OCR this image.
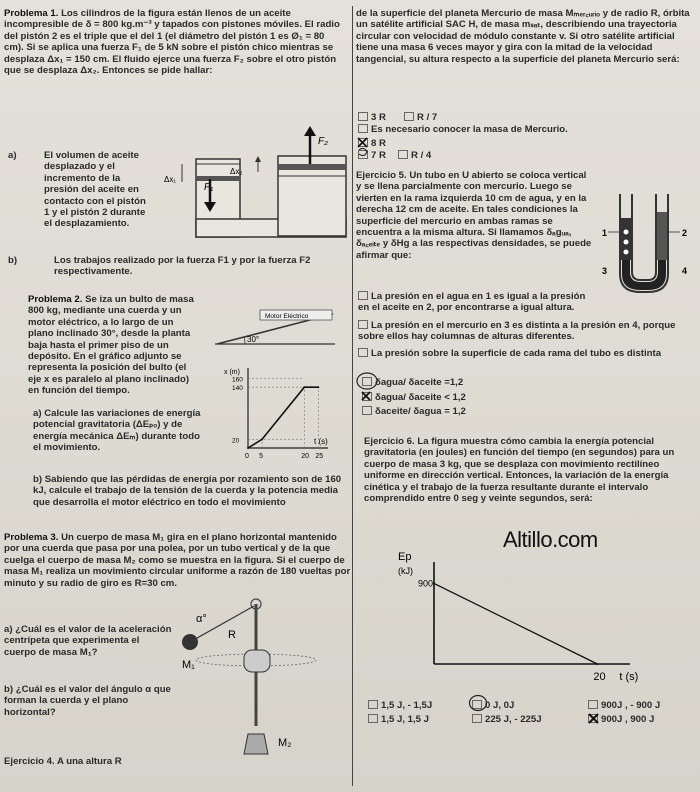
Problema 1. Los cilindros de la figura están llenos de un aceite incompresible de δ = 800 kg.m⁻³ y tapados con pistones móviles. El radio del pistón 2 es el triple que el del 1 (el diámetro del pistón 1 es Ø₁ = 80 cm). Si se aplica una fuerza F₁ de 5 kN sobre el pistón chico mientras se desplaza Δx₁ = 150 cm. El fluido ejerce una fuerza F₂ sobre el otro pistón que se desplaza Δx₂. Entonces se pide hallar:
a)	El volumen de aceite desplazado y el incremento de la presión del aceite en contacto con el pistón 1 y el pistón 2 durante el desplazamiento.
b)	Los trabajos realizado por la fuerza F1 y por la fuerza F2 respectivamente.
F₁
Δx₁
F₂
Δx₂
Problema 2. Se iza un bulto de masa 800 kg, mediante una cuerda y un motor eléctrico, a lo largo de un plano inclinado 30°, desde la planta baja hasta el primer piso de un depósito. En el gráfico adjunto se representa la posición del bulto (el eje x es paralelo al plano inclinado) en función del tiempo.
a) Calcule las variaciones de energía potencial gravitatoria (ΔEₚₒ) y de energía mecánica ΔEₘ) durante todo el movimiento.
b) Sabiendo que las pérdidas de energía por rozamiento son de 160 kJ, calcule el trabajo de la tensión de la cuerda y la potencia media que desarrolla el motor eléctrico en todo el movimiento
Motor Eléctrico
30°
x (m)
t (s)
20
140
160
0 5	20 25
Problema 3. Un cuerpo de masa M₁ gira en el plano horizontal mantenido por una cuerda que pasa por una polea, por un tubo vertical y de la que cuelga el cuerpo de masa M₂ como se muestra en la figura. Si el cuerpo de masa M₁ realiza un movimiento circular uniforme a razón de 180 vueltas por minuto y su radio de giro es R=30 cm.
a) ¿Cuál es el valor de la aceleración centrípeta que experimenta el cuerpo de masa M₁?
b) ¿Cuál es el valor del ángulo α que forman la cuerda y el plano horizontal?
α°
R
M₁
M₂
Ejercicio 4. A una altura R
de la superficie del planeta Mercurio de masa Mₘₑᵣ꜀ᵤᵣᵢₒ y de radio R, órbita un satélite artificial SAC H, de masa mₛₐₜ, describiendo una trayectoria circular con velocidad de módulo constante v. Si otro satélite artificial tiene una masa 6 veces mayor y gira con la mitad de la velocidad tangencial, su altura respecto a la superficie del planeta Mercurio será:
3 R	R / 7
Es necesario conocer la masa de Mercurio.
8 R
7 R	R / 4
Ejercicio 5. Un tubo en U abierto se coloca vertical y se llena parcialmente con mercurio. Luego se vierten en la rama izquierda 10 cm de agua, y en la derecha 12 cm de aceite. En tales condiciones la superficie del mercurio en ambas ramas se encuentra a la misma altura. Si llamamos δₐgᵤₐ, δₐ꜀ₑᵢₜₑ y δHg a las respectivas densidades, se puede afirmar que:
1	2
3	4
La presión en el agua en 1 es igual a la presión en el aceite en 2, por encontrarse a igual altura.
La presión en el mercurio en 3 es distinta a la presión en 4, porque sobre ellos hay columnas de alturas diferentes.
La presión sobre la superficie de cada rama del tubo es distinta
δagua/ δaceite =1,2
δagua/ δaceite < 1,2
δaceite/ δagua = 1,2
Ejercicio 6. La figura muestra cómo cambia la energía potencial gravitatoria (en joules) en función del tiempo (en segundos) para un cuerpo de masa 3 kg, que se desplaza con movimiento rectilíneo uniforme en dirección vertical. Entonces, la variación de la energía cinética y el trabajo de la fuerza resultante durante el intervalo comprendido entre 0 seg y veinte segundos, será:
Altillo.com
Ep
(kJ)
900
20 t (s)
1,5 J, - 1,5J	0 J, 0J	900J , - 900 J
1,5 J, 1,5 J	225 J, - 225J	900J , 900 J
